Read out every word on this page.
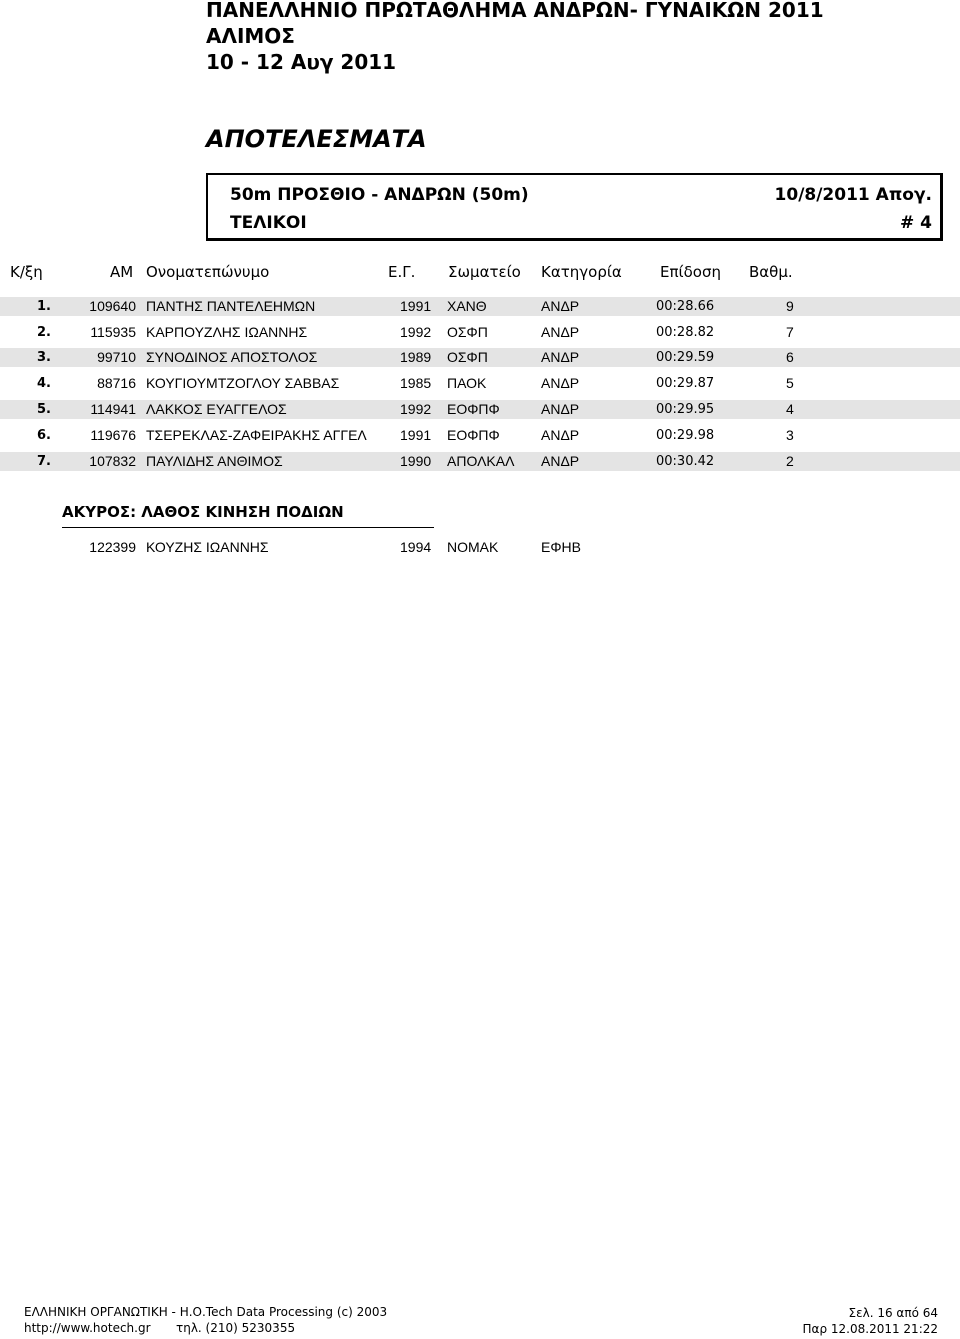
ΠΑΝΕΛΛΗΝΙΟ ΠΡΩΤΑΘΛΗΜΑ ΑΝΔΡΩΝ- ΓΥΝΑΙΚΩΝ 2011
ΑΛΙΜΟΣ
10 - 12 Αυγ 2011
ΑΠΟΤΕΛΕΣΜΑΤΑ
50m ΠΡΟΣΘΙΟ - ΑΝΔΡΩΝ (50m)	10/8/2011 Απογ.
ΤΕΛΙΚΟΙ	# 4
Κ/ξη	ΑΜ Ονοματεπώνυμο	Ε.Γ. Σωματείο Κατηγορία	Επίδοση Βαθμ.
1.	109640 ΠΑΝΤΗΣ ΠΑΝΤΕΛΕΗΜΩΝ	1991 ΧΑΝΘ	ΑΝΔΡ	00:28.66	9
2.	115935 ΚΑΡΠΟΥΖΛΗΣ ΙΩΑΝΝΗΣ	1992 ΟΣΦΠ	ΑΝΔΡ	00:28.82	7
3.	99710 ΣΥΝΟΔΙΝΟΣ ΑΠΟΣΤΟΛΟΣ	1989 ΟΣΦΠ	ΑΝΔΡ	00:29.59	6
4.	88716 ΚΟΥΓΙΟΥΜΤΖΟΓΛΟΥ ΣΑΒΒΑΣ	1985 ΠΑΟΚ	ΑΝΔΡ	00:29.87	5
5.	114941 ΛΑΚΚΟΣ ΕΥΑΓΓΕΛΟΣ	1992 ΕΟΦΠΦ	ΑΝΔΡ	00:29.95	4
6.	119676 ΤΣΕΡΕΚΛΑΣ-ΖΑΦΕΙΡΑΚΗΣ ΑΓΓΕΛ 1991 ΕΟΦΠΦ	ΑΝΔΡ	00:29.98	3
7.	107832 ΠΑΥΛΙΔΗΣ ΑΝΘΙΜΟΣ	1990 ΑΠΟΛΚΑΛ ΑΝΔΡ	00:30.42	2
ΑΚΥΡΟΣ: ΛΑΘΟΣ ΚΙΝΗΣΗ ΠΟΔΙΩΝ
122399 ΚΟΥΖΗΣ ΙΩΑΝΝΗΣ	1994 ΝΟΜΑΚ	ΕΦΗΒ
ΕΛΛΗΝΙΚΗ ΟΡΓΑΝΩΤΙΚΗ - Η.Ο.Tech Data Processing (c) 2003
http://www.hotech.gr τηλ. (210) 5230355
Σελ. 16 από 64
Παρ 12.08.2011 21:22
